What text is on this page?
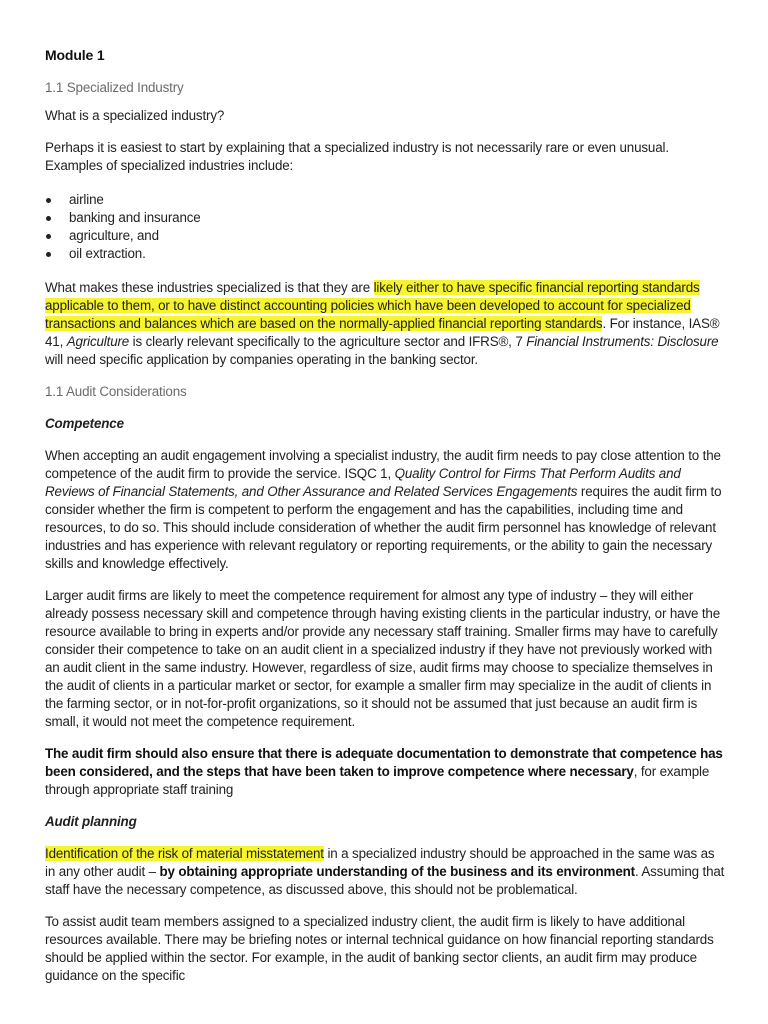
Module 1
1.1 Specialized Industry

What is a specialized industry?

Perhaps it is easiest to start by explaining that a specialized industry is not necessarily rare or even unusual. Examples of specialized industries include:

airline
banking and insurance
agriculture, and
oil extraction.

What makes these industries specialized is that they are likely either to have specific financial reporting standards applicable to them, or to have distinct accounting policies which have been developed to account for specialized transactions and balances which are based on the normally-applied financial reporting standards. For instance, IAS® 41, Agriculture is clearly relevant specifically to the agriculture sector and IFRS®, 7 Financial Instruments: Disclosure will need specific application by companies operating in the banking sector.

1.1 Audit Considerations
Competence

When accepting an audit engagement involving a specialist industry, the audit firm needs to pay close attention to the competence of the audit firm to provide the service. ISQC 1, Quality Control for Firms That Perform Audits and Reviews of Financial Statements, and Other Assurance and Related Services Engagements requires the audit firm to consider whether the firm is competent to perform the engagement and has the capabilities, including time and resources, to do so. This should include consideration of whether the audit firm personnel has knowledge of relevant industries and has experience with relevant regulatory or reporting requirements, or the ability to gain the necessary skills and knowledge effectively.

Larger audit firms are likely to meet the competence requirement for almost any type of industry – they will either already possess necessary skill and competence through having existing clients in the particular industry, or have the resource available to bring in experts and/or provide any necessary staff training. Smaller firms may have to carefully consider their competence to take on an audit client in a specialized industry if they have not previously worked with an audit client in the same industry. However, regardless of size, audit firms may choose to specialize themselves in the audit of clients in a particular market or sector, for example a smaller firm may specialize in the audit of clients in the farming sector, or in not-for-profit organizations, so it should not be assumed that just because an audit firm is small, it would not meet the competence requirement.

The audit firm should also ensure that there is adequate documentation to demonstrate that competence has been considered, and the steps that have been taken to improve competence where necessary, for example through appropriate staff training

Audit planning

Identification of the risk of material misstatement in a specialized industry should be approached in the same was as in any other audit – by obtaining appropriate understanding of the business and its environment. Assuming that staff have the necessary competence, as discussed above, this should not be problematical.

To assist audit team members assigned to a specialized industry client, the audit firm is likely to have additional resources available. There may be briefing notes or internal technical guidance on how financial reporting standards should be applied within the sector. For example, in the audit of banking sector clients, an audit firm may produce guidance on the specific
